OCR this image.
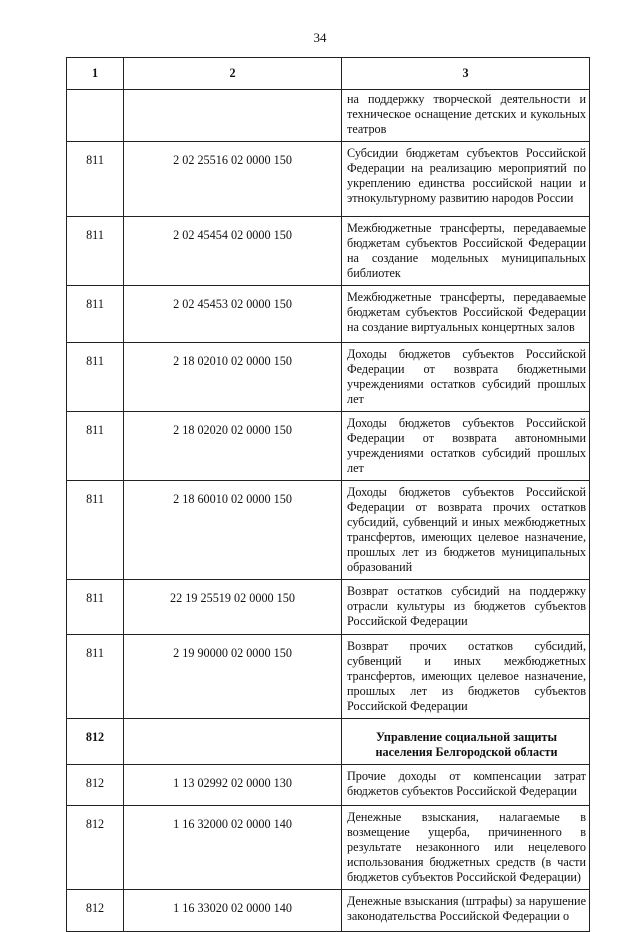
34
1	2	3
		на поддержку творческой деятельности и техническое оснащение детских и кукольных театров
811	2 02 25516 02 0000 150	Субсидии бюджетам субъектов Российской Федерации на реализацию мероприятий по укреплению единства российской нации и этнокультурному развитию народов России
811	2 02 45454 02 0000 150	Межбюджетные трансферты, передаваемые бюджетам субъектов Российской Федерации на создание модельных муниципальных библиотек
811	2 02 45453 02 0000 150	Межбюджетные трансферты, передаваемые бюджетам субъектов Российской Федерации на создание виртуальных концертных залов
811	2 18 02010 02 0000 150	Доходы бюджетов субъектов Российской Федерации от возврата бюджетными учреждениями остатков субсидий прошлых лет
811	2 18 02020 02 0000 150	Доходы бюджетов субъектов Российской Федерации от возврата автономными учреждениями остатков субсидий прошлых лет
811	2 18 60010 02 0000 150	Доходы бюджетов субъектов Российской Федерации от возврата прочих остатков субсидий, субвенций и иных межбюджетных трансфертов, имеющих целевое назначение, прошлых лет из бюджетов муниципальных образований
811	22 19 25519 02 0000 150	Возврат остатков субсидий на поддержку отрасли культуры из бюджетов субъектов Российской Федерации
811	2 19 90000 02 0000 150	Возврат прочих остатков субсидий, субвенций и иных межбюджетных трансфертов, имеющих целевое назначение, прошлых лет из бюджетов субъектов Российской Федерации
812		Управление социальной защиты населения Белгородской области
812	1 13 02992 02 0000 130	Прочие доходы от компенсации затрат бюджетов субъектов Российской Федерации
812	1 16 32000 02 0000 140	Денежные взыскания, налагаемые в возмещение ущерба, причиненного в результате незаконного или нецелевого использования бюджетных средств (в части бюджетов субъектов Российской Федерации)
812	1 16 33020 02 0000 140	Денежные взыскания (штрафы) за нарушение законодательства Российской Федерации о
